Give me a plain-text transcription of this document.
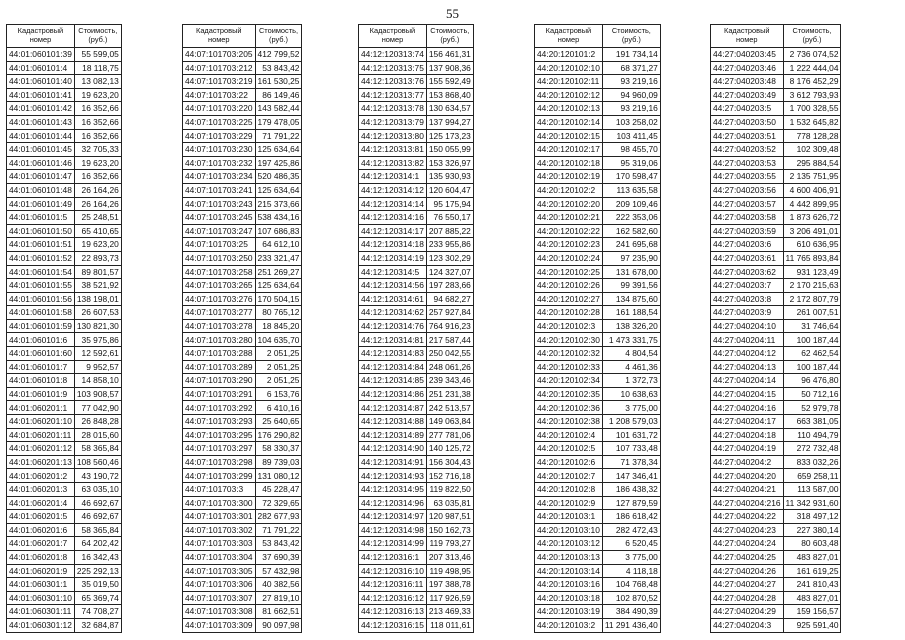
55
Кадастровый номер	Стоимость, (руб.)
44:01:060101:39	55 599,05
44:01:060101:4	18 118,75
44:01:060101:40	13 082,13
44:01:060101:41	19 623,20
44:01:060101:42	16 352,66
44:01:060101:43	16 352,66
44:01:060101:44	16 352,66
44:01:060101:45	32 705,33
44:01:060101:46	19 623,20
44:01:060101:47	16 352,66
44:01:060101:48	26 164,26
44:01:060101:49	26 164,26
44:01:060101:5	25 248,51
44:01:060101:50	65 410,65
44:01:060101:51	19 623,20
44:01:060101:52	22 893,73
44:01:060101:54	89 801,57
44:01:060101:55	38 521,92
44:01:060101:56	138 198,01
44:01:060101:58	26 607,53
44:01:060101:59	130 821,30
44:01:060101:6	35 975,86
44:01:060101:60	12 592,61
44:01:060101:7	9 952,57
44:01:060101:8	14 858,10
44:01:060101:9	103 908,57
44:01:060201:1	77 042,90
44:01:060201:10	26 848,28
44:01:060201:11	28 015,60
44:01:060201:12	58 365,84
44:01:060201:13	108 560,46
44:01:060201:2	43 190,72
44:01:060201:3	63 035,10
44:01:060201:4	46 692,67
44:01:060201:5	46 692,67
44:01:060201:6	58 365,84
44:01:060201:7	64 202,42
44:01:060201:8	16 342,43
44:01:060201:9	225 292,13
44:01:060301:1	35 019,50
44:01:060301:10	65 369,74
44:01:060301:11	74 708,27
44:01:060301:12	32 684,87
Кадастровый номер	Стоимость, (руб.)
44:07:101703:205	412 799,52
44:07:101703:212	53 843,42
44:07:101703:219	161 530,25
44:07:101703:22	86 149,46
44:07:101703:220	143 582,44
44:07:101703:225	179 478,05
44:07:101703:229	71 791,22
44:07:101703:230	125 634,64
44:07:101703:232	197 425,86
44:07:101703:234	520 486,35
44:07:101703:241	125 634,64
44:07:101703:243	215 373,66
44:07:101703:245	538 434,16
44:07:101703:247	107 686,83
44:07:101703:25	64 612,10
44:07:101703:250	233 321,47
44:07:101703:258	251 269,27
44:07:101703:265	125 634,64
44:07:101703:276	170 504,15
44:07:101703:277	80 765,12
44:07:101703:278	18 845,20
44:07:101703:280	104 635,70
44:07:101703:288	2 051,25
44:07:101703:289	2 051,25
44:07:101703:290	2 051,25
44:07:101703:291	6 153,76
44:07:101703:292	6 410,16
44:07:101703:293	25 640,65
44:07:101703:295	176 290,82
44:07:101703:297	58 330,37
44:07:101703:298	89 739,03
44:07:101703:299	131 080,12
44:07:101703:3	45 228,47
44:07:101703:300	72 329,65
44:07:101703:301	282 677,93
44:07:101703:302	71 791,22
44:07:101703:303	53 843,42
44:07:101703:304	37 690,39
44:07:101703:305	57 432,98
44:07:101703:306	40 382,56
44:07:101703:307	27 819,10
44:07:101703:308	81 662,51
44:07:101703:309	90 097,98
Кадастровый номер	Стоимость, (руб.)
44:12:120313:74	156 461,31
44:12:120313:75	137 908,36
44:12:120313:76	155 592,49
44:12:120313:77	153 868,40
44:12:120313:78	130 634,57
44:12:120313:79	137 994,27
44:12:120313:80	125 173,23
44:12:120313:81	150 055,99
44:12:120313:82	153 326,97
44:12:120314:1	135 930,93
44:12:120314:12	120 604,47
44:12:120314:14	95 175,94
44:12:120314:16	76 550,17
44:12:120314:17	207 885,22
44:12:120314:18	233 955,86
44:12:120314:19	123 302,29
44:12:120314:5	124 327,07
44:12:120314:56	197 283,66
44:12:120314:61	94 682,27
44:12:120314:62	257 927,84
44:12:120314:76	764 916,23
44:12:120314:81	217 587,44
44:12:120314:83	250 042,55
44:12:120314:84	248 061,26
44:12:120314:85	239 343,46
44:12:120314:86	251 231,38
44:12:120314:87	242 513,57
44:12:120314:88	149 063,84
44:12:120314:89	277 781,06
44:12:120314:90	140 125,72
44:12:120314:91	156 304,43
44:12:120314:93	152 716,18
44:12:120314:95	119 822,50
44:12:120314:96	63 035,81
44:12:120314:97	120 987,51
44:12:120314:98	150 162,73
44:12:120314:99	119 793,27
44:12:120316:1	207 313,46
44:12:120316:10	119 498,95
44:12:120316:11	197 388,78
44:12:120316:12	117 926,59
44:12:120316:13	213 469,33
44:12:120316:15	118 011,61
Кадастровый номер	Стоимость, (руб.)
44:20:120101:2	191 734,14
44:20:120102:10	68 371,27
44:20:120102:11	93 219,16
44:20:120102:12	94 960,09
44:20:120102:13	93 219,16
44:20:120102:14	103 258,02
44:20:120102:15	103 411,45
44:20:120102:17	98 455,70
44:20:120102:18	95 319,06
44:20:120102:19	170 598,47
44:20:120102:2	113 635,58
44:20:120102:20	209 109,46
44:20:120102:21	222 353,06
44:20:120102:22	162 582,60
44:20:120102:23	241 695,68
44:20:120102:24	97 235,90
44:20:120102:25	131 678,00
44:20:120102:26	99 391,56
44:20:120102:27	134 875,60
44:20:120102:28	161 188,54
44:20:120102:3	138 326,20
44:20:120102:30	1 473 331,75
44:20:120102:32	4 804,54
44:20:120102:33	4 461,36
44:20:120102:34	1 372,73
44:20:120102:35	10 638,63
44:20:120102:36	3 775,00
44:20:120102:38	1 208 579,03
44:20:120102:4	101 631,72
44:20:120102:5	107 733,48
44:20:120102:6	71 378,34
44:20:120102:7	147 346,41
44:20:120102:8	186 438,32
44:20:120102:9	127 879,59
44:20:120103:1	186 618,42
44:20:120103:10	282 472,43
44:20:120103:12	6 520,45
44:20:120103:13	3 775,00
44:20:120103:14	4 118,18
44:20:120103:16	104 768,48
44:20:120103:18	102 870,52
44:20:120103:19	384 490,39
44:20:120103:2	11 291 436,40
Кадастровый номер	Стоимость, (руб.)
44:27:040203:45	2 736 074,52
44:27:040203:46	1 222 444,04
44:27:040203:48	8 176 452,29
44:27:040203:49	3 612 793,93
44:27:040203:5	1 700 328,55
44:27:040203:50	1 532 645,82
44:27:040203:51	778 128,28
44:27:040203:52	102 309,48
44:27:040203:53	295 884,54
44:27:040203:55	2 135 751,95
44:27:040203:56	4 600 406,91
44:27:040203:57	4 442 899,95
44:27:040203:58	1 873 626,72
44:27:040203:59	3 206 491,01
44:27:040203:6	610 636,95
44:27:040203:61	11 765 893,84
44:27:040203:62	931 123,49
44:27:040203:7	2 170 215,63
44:27:040203:8	2 172 807,79
44:27:040203:9	261 007,51
44:27:040204:10	31 746,64
44:27:040204:11	100 187,44
44:27:040204:12	62 462,54
44:27:040204:13	100 187,44
44:27:040204:14	96 476,80
44:27:040204:15	50 712,16
44:27:040204:16	52 979,78
44:27:040204:17	663 381,05
44:27:040204:18	110 494,79
44:27:040204:19	272 732,48
44:27:040204:2	833 032,26
44:27:040204:20	659 258,11
44:27:040204:21	113 587,00
44:27:040204:216	11 342 931,60
44:27:040204:22	318 497,12
44:27:040204:23	227 380,14
44:27:040204:24	80 603,48
44:27:040204:25	483 827,01
44:27:040204:26	161 619,25
44:27:040204:27	241 810,43
44:27:040204:28	483 827,01
44:27:040204:29	159 156,57
44:27:040204:3	925 591,40
